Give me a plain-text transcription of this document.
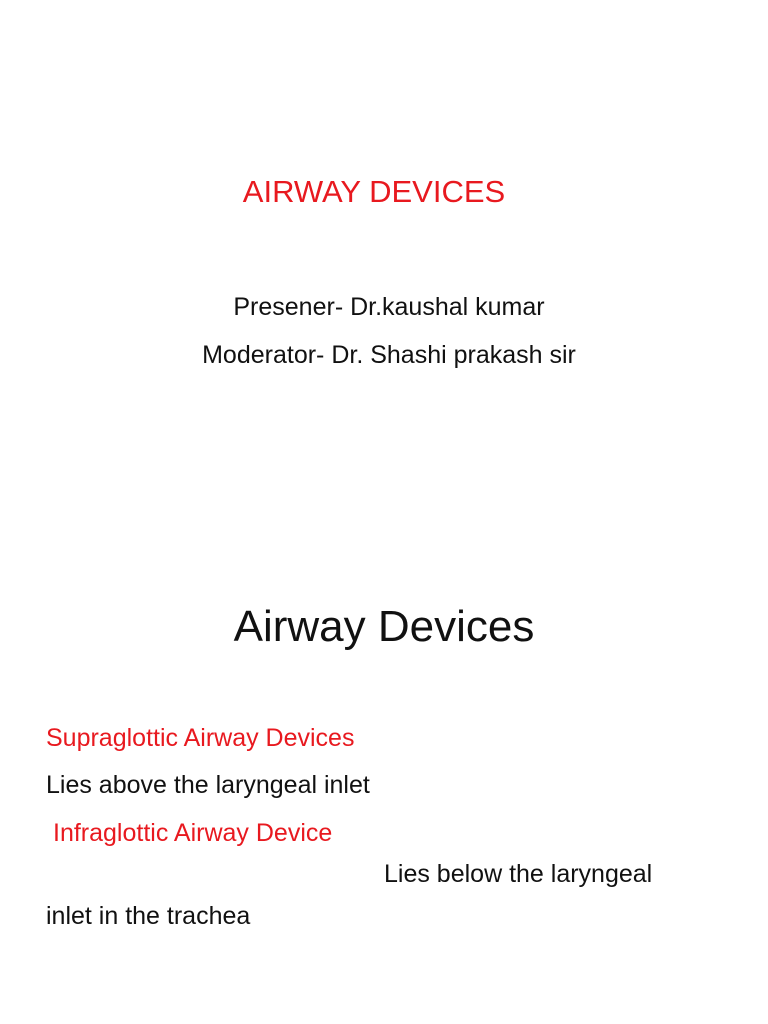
AIRWAY DEVICES
Presener- Dr.kaushal kumar
Moderator- Dr. Shashi prakash sir
Airway Devices
Supraglottic Airway Devices
Lies above the laryngeal inlet
Infraglottic Airway Device
Lies below the laryngeal
inlet in the trachea
